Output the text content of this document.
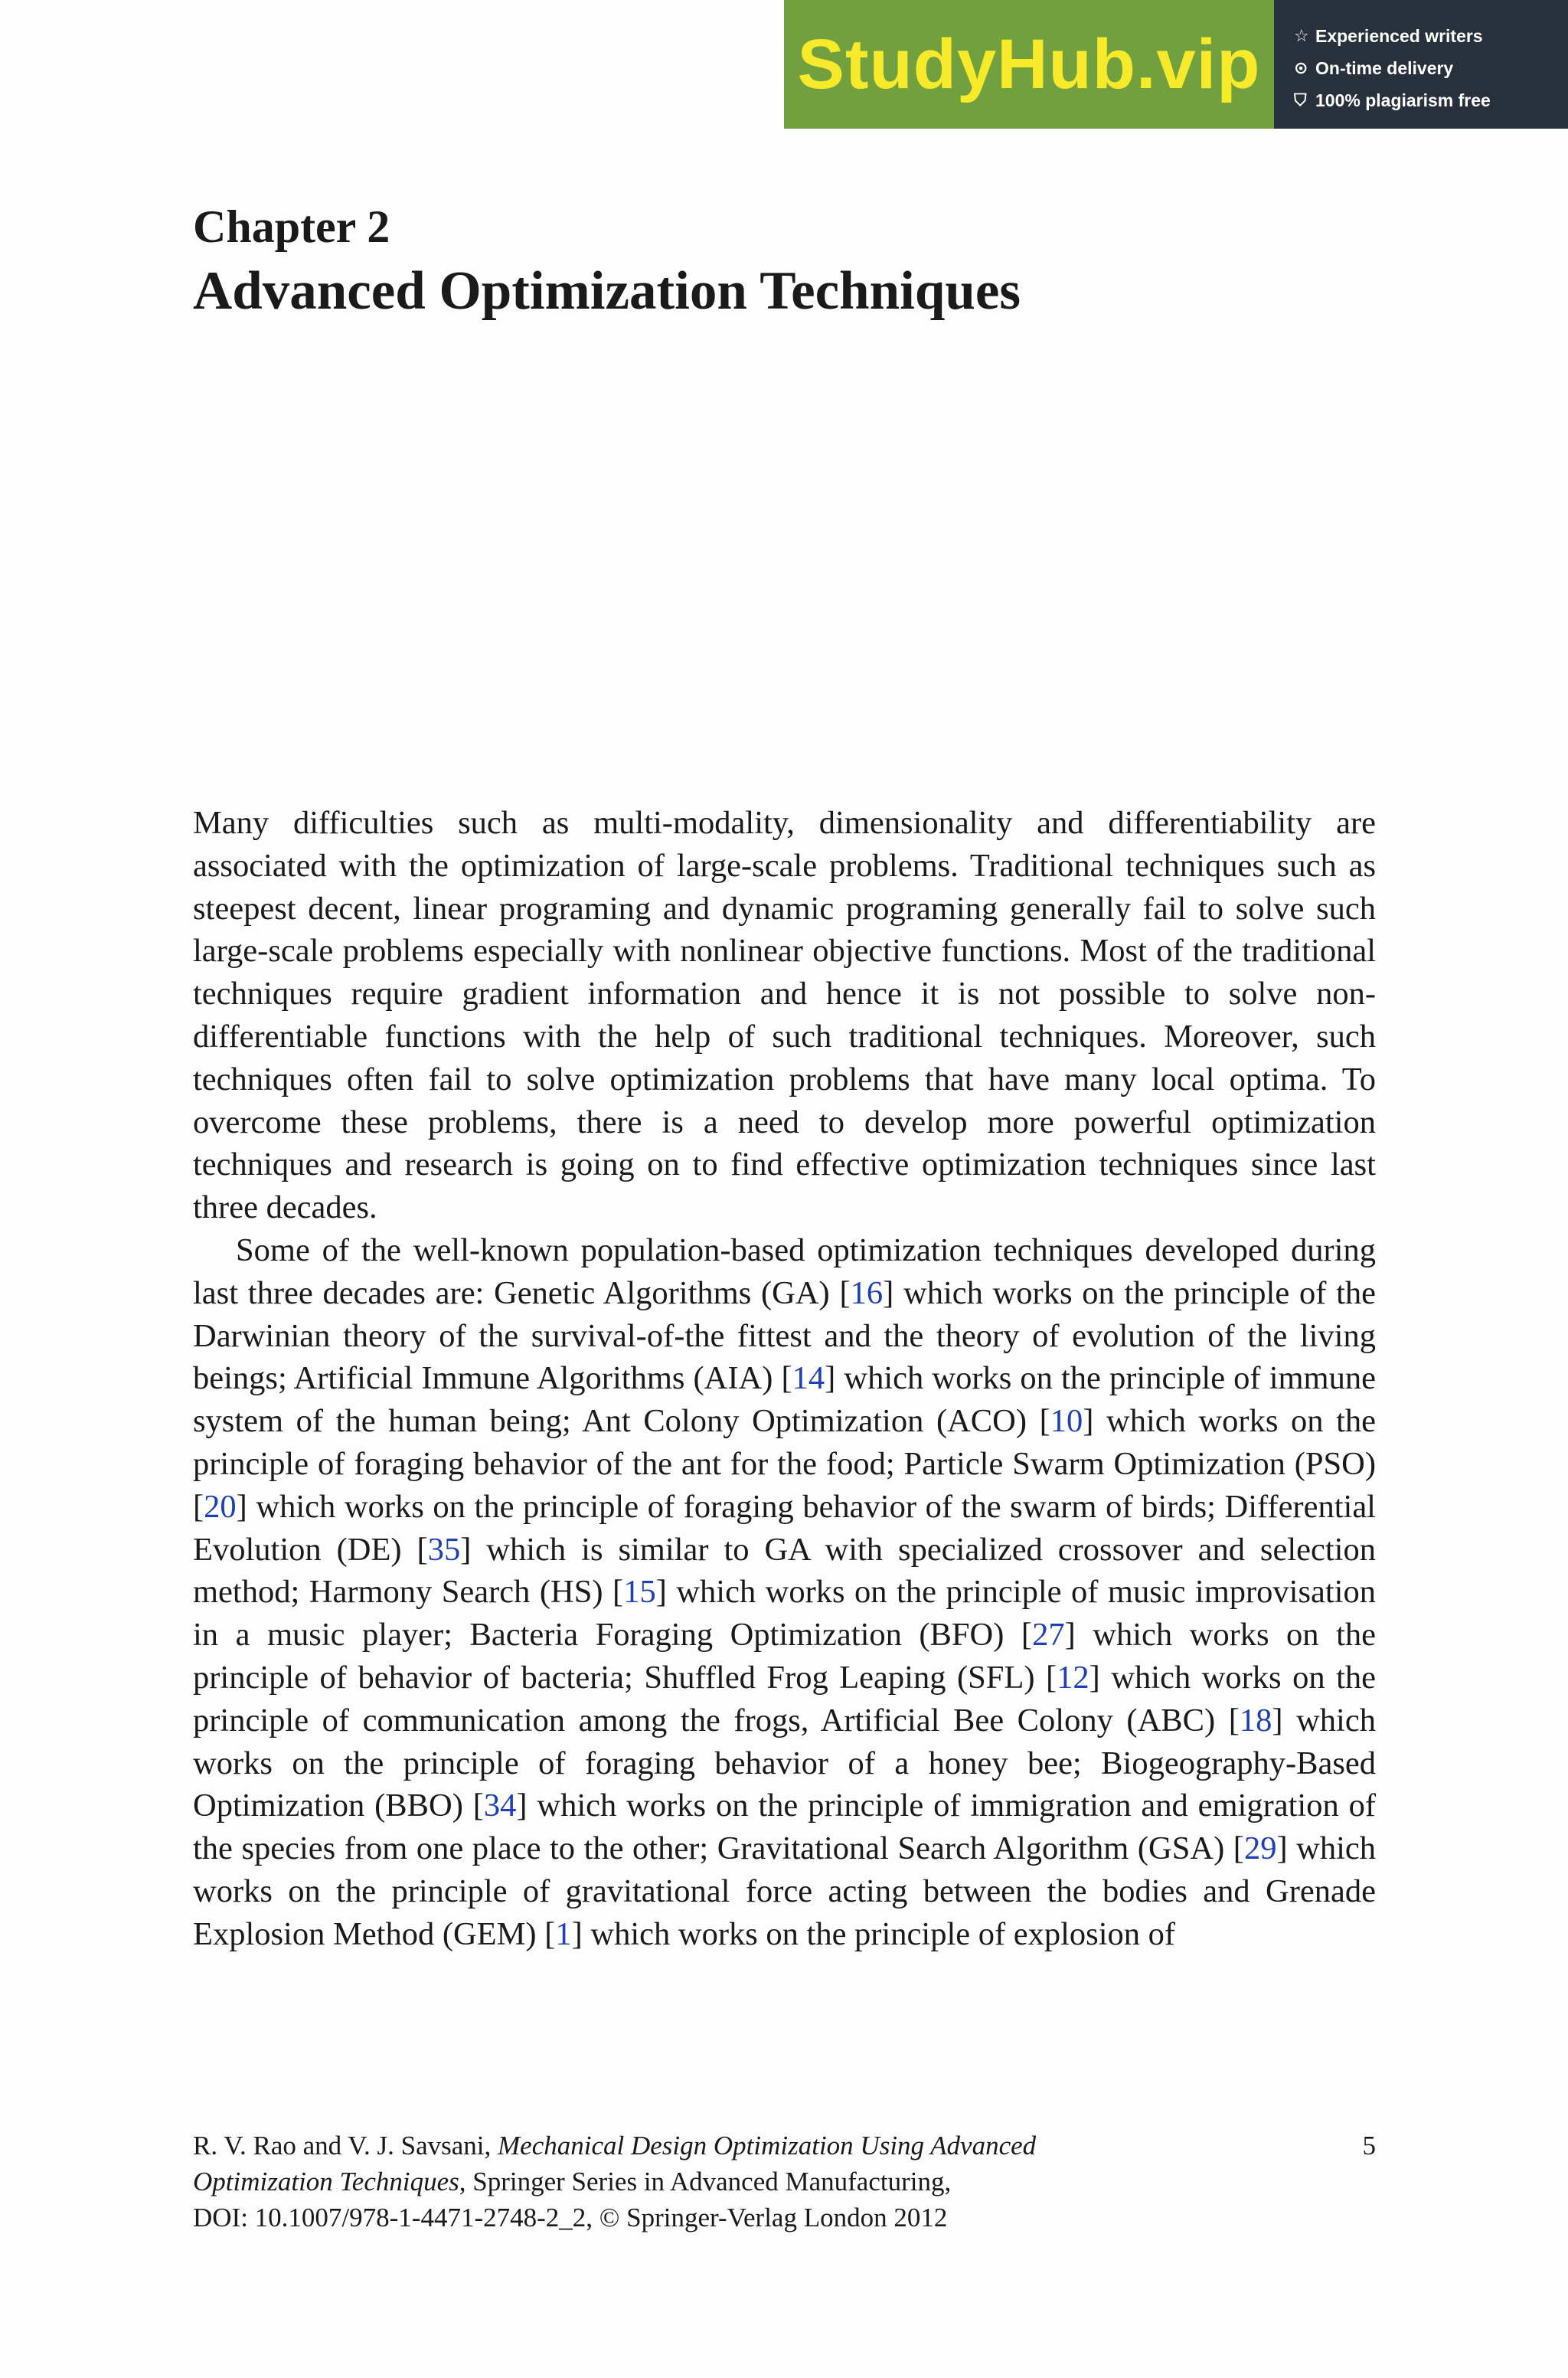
StudyHub.vip	☆ Experienced writers
⊙ On-time delivery
⛉ 100% plagiarism free
Chapter 2
Advanced Optimization Techniques

Many difficulties such as multi-modality, dimensionality and differentiability are associated with the optimization of large-scale problems. Traditional techniques such as steepest decent, linear programing and dynamic programing generally fail to solve such large-scale problems especially with nonlinear objective functions. Most of the traditional techniques require gradient information and hence it is not possible to solve non-differentiable functions with the help of such traditional techniques. Moreover, such techniques often fail to solve optimization problems that have many local optima. To overcome these problems, there is a need to develop more powerful optimization techniques and research is going on to find effective optimization techniques since last three decades.

Some of the well-known population-based optimization techniques developed during last three decades are: Genetic Algorithms (GA) [16] which works on the principle of the Darwinian theory of the survival-of-the fittest and the theory of evolution of the living beings; Artificial Immune Algorithms (AIA) [14] which works on the principle of immune system of the human being; Ant Colony Optimization (ACO) [10] which works on the principle of foraging behavior of the ant for the food; Particle Swarm Optimization (PSO) [20] which works on the principle of foraging behavior of the swarm of birds; Differential Evolution (DE) [35] which is similar to GA with specialized crossover and selection method; Harmony Search (HS) [15] which works on the principle of music improvisation in a music player; Bacteria Foraging Optimization (BFO) [27] which works on the principle of behavior of bacteria; Shuffled Frog Leaping (SFL) [12] which works on the principle of communication among the frogs, Artificial Bee Colony (ABC) [18] which works on the principle of foraging behavior of a honey bee; Biogeography-Based Optimization (BBO) [34] which works on the principle of immigration and emigration of the species from one place to the other; Gravitational Search Algorithm (GSA) [29] which works on the principle of gravitational force acting between the bodies and Grenade Explosion Method (GEM) [1] which works on the principle of explosion of

R. V. Rao and V. J. Savsani, Mechanical Design Optimization Using Advanced
Optimization Techniques, Springer Series in Advanced Manufacturing,
DOI: 10.1007/978-1-4471-2748-2_2, © Springer-Verlag London 2012
5
